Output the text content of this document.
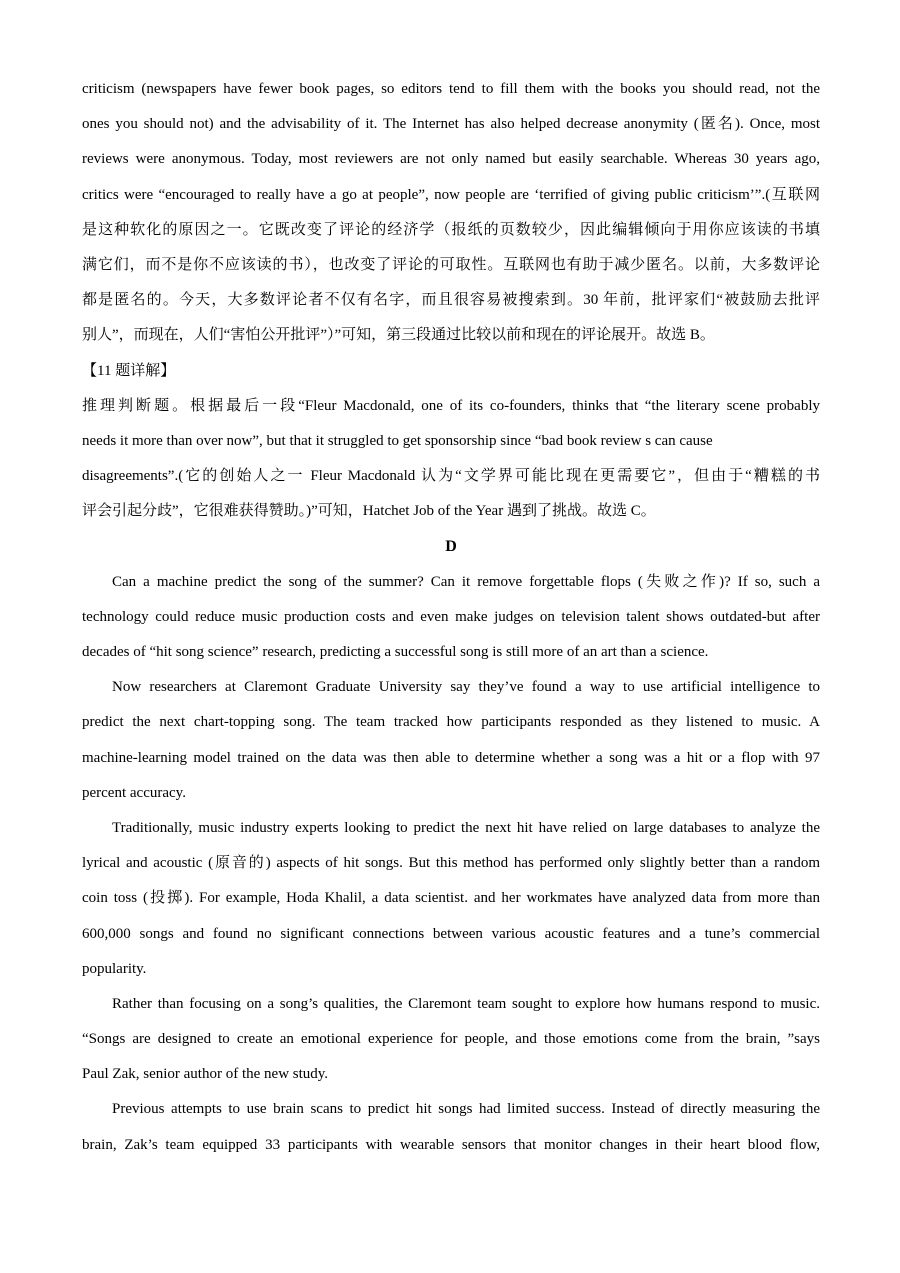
criticism (newspapers have fewer book pages, so editors tend to fill them with the books you should read, not the
ones you should not) and the advisability of it. The Internet has also helped decrease anonymity (匿名). Once, most
reviews were anonymous. Today, most reviewers are not only named but easily searchable. Whereas 30 years ago,
critics were “encouraged to really have a go at people”, now people are ‘terrified of giving public criticism’”.(互联网
是这种软化的原因之一。它既改变了评论的经济学（报纸的页数较少，因此编辑倾向于用你应该读的书填
满它们，而不是你不应该读的书），也改变了评论的可取性。互联网也有助于减少匿名。以前，大多数评论
都是匿名的。今天，大多数评论者不仅有名字，而且很容易被搜索到。30 年前，批评家们“被鼓励去批评
别人”，而现在，人们“害怕公开批评”）”可知，第三段通过比较以前和现在的评论展开。故选 B。
【11 题详解】
推理判断题。根据最后一段“Fleur Macdonald, one of its co-founders, thinks that “the literary scene probably
needs it more than over now”, but that it struggled to get sponsorship since “bad book review s can cause
disagreements”.(它的创始人之一 Fleur Macdonald 认为“文学界可能比现在更需要它”，但由于“糟糕的书
评会引起分歧”，它很难获得赞助。)”可知，Hatchet Job of the Year 遇到了挑战。故选 C。
D
Can a machine predict the song of the summer? Can it remove forgettable flops (失败之作)? If so, such a
technology could reduce music production costs and even make judges on television talent shows outdated-but after
decades of “hit song science” research, predicting a successful song is still more of an art than a science.
Now researchers at Claremont Graduate University say they’ve found a way to use artificial intelligence to
predict the next chart-topping song. The team tracked how participants responded as they listened to music. A
machine-learning model trained on the data was then able to determine whether a song was a hit or a flop with 97
percent accuracy.
Traditionally, music industry experts looking to predict the next hit have relied on large databases to analyze the
lyrical and acoustic (原音的) aspects of hit songs. But this method has performed only slightly better than a random
coin toss (投掷). For example, Hoda Khalil, a data scientist. and her workmates have analyzed data from more than
600,000 songs and found no significant connections between various acoustic features and a tune’s commercial
popularity.
Rather than focusing on a song’s qualities, the Claremont team sought to explore how humans respond to music.
“Songs are designed to create an emotional experience for people, and those emotions come from the brain, ”says
Paul Zak, senior author of the new study.
Previous attempts to use brain scans to predict hit songs had limited success. Instead of directly measuring the
brain, Zak’s team equipped 33 participants with wearable sensors that monitor changes in their heart blood flow,
